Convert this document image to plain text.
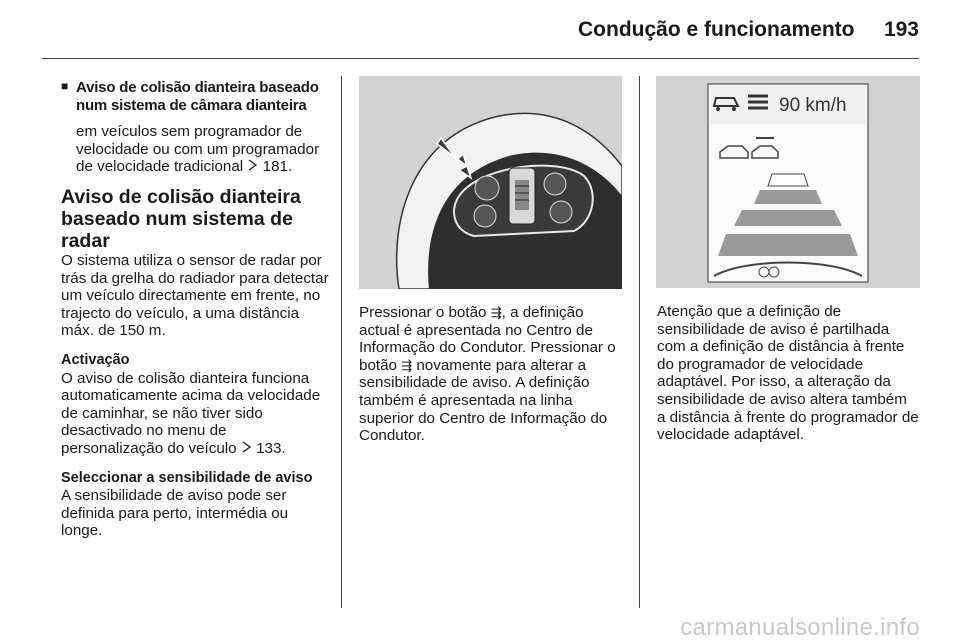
Condução e funcionamento 193
■ Aviso de colisão dianteira baseado num sistema de câmara dianteira

em veículos sem programador de velocidade ou com um programador de velocidade tradicional  181.

Aviso de colisão dianteira baseado num sistema de radar

O sistema utiliza o sensor de radar por trás da grelha do radiador para detectar um veículo directamente em frente, no trajecto do veículo, a uma distância máx. de 150 m.

Activação

O aviso de colisão dianteira funciona automaticamente acima da velocidade de caminhar, se não tiver sido desactivado no menu de personalização do veículo  133.

Seleccionar a sensibilidade de aviso

A sensibilidade de aviso pode ser definida para perto, intermédia ou longe.

Pressionar o botão ⇶, a definição actual é apresentada no Centro de Informação do Condutor. Pressionar o botão ⇶ novamente para alterar a sensibilidade de aviso. A definição também é apresentada na linha superior do Centro de Informação do Condutor.

90 km/h

Atenção que a definição de sensibilidade de aviso é partilhada com a definição de distância à frente do programador de velocidade adaptável. Por isso, a alteração da sensibilidade de aviso altera também a distância à frente do programador de velocidade adaptável.

carmanualsonline.info
